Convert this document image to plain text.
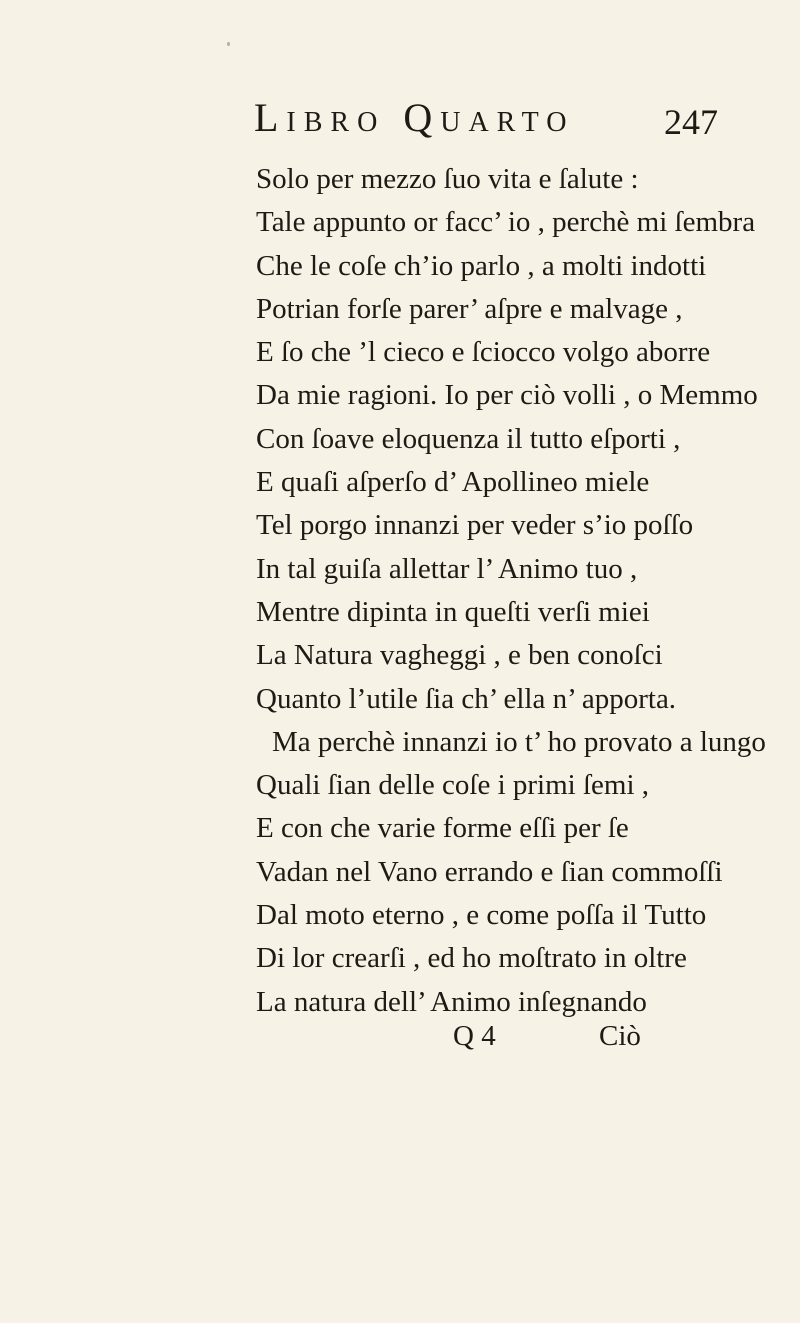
Libro Quarto 247
Solo per mezzo ſuo vita e ſalute :
Tale appunto or facc’ io , perchè mi ſembra
Che le coſe ch’io parlo , a molti indotti
Potrian forſe parer’ aſpre e malvage ,
E ſo che ’l cieco e ſciocco volgo aborre
Da mie ragioni. Io per ciò volli , o Memmo
Con ſoave eloquenza il tutto eſporti ,
E quaſi aſperſo d’ Apollineo miele
Tel porgo innanzi per veder s’io poſſo
In tal guiſa allettar l’ Animo tuo ,
Mentre dipinta in queſti verſi miei
La Natura vagheggi , e ben conoſci
Quanto l’utile ſia ch’ ella n’ apporta.
Ma perchè innanzi io t’ ho provato a lungo
Quali ſian delle coſe i primi ſemi ,
E con che varie forme eſſi per ſe
Vadan nel Vano errando e ſian commoſſi
Dal moto eterno , e come poſſa il Tutto
Di lor crearſi , ed ho moſtrato in oltre
La natura dell’ Animo inſegnando
Q 4	Ciò
